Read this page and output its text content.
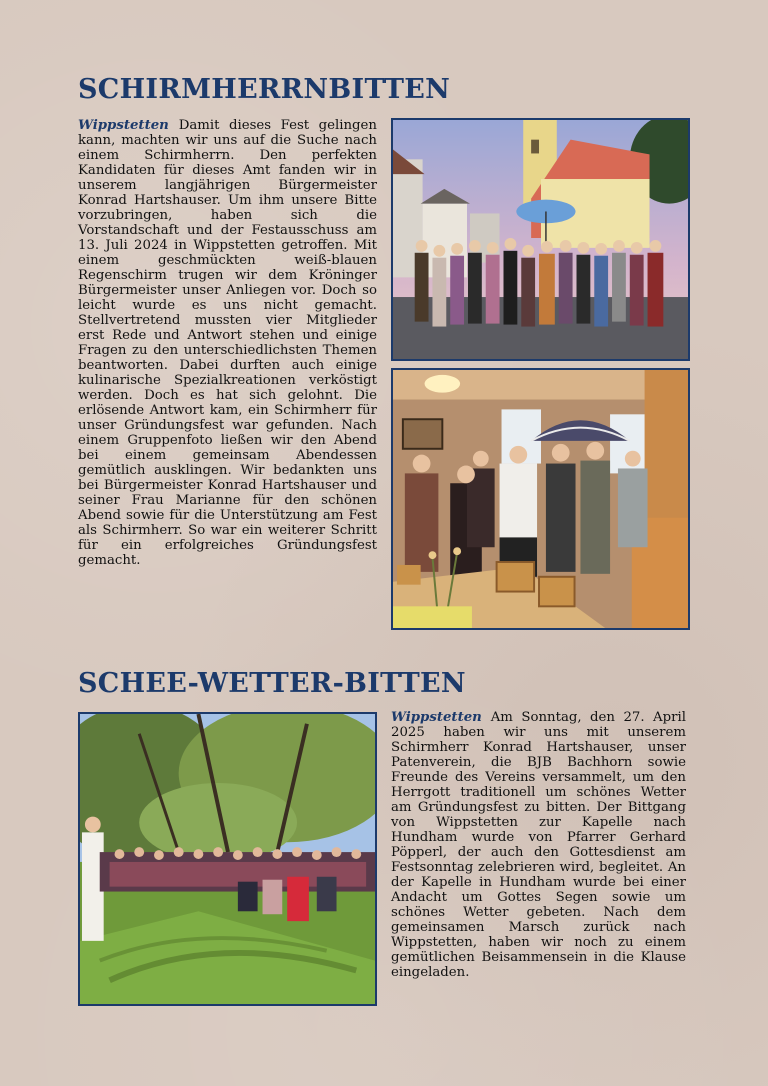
SCHIRMHERRNBITTEN
Wippstetten Damit dieses Fest gelingen kann, machten wir uns auf die Suche nach einem Schirmherrn. Den perfekten Kandidaten für dieses Amt fanden wir in unserem langjährigen Bürgermeister Konrad Hartshauser. Um ihm unsere Bitte vorzubringen, haben sich die Vorstandschaft und der Festausschuss am 13. Juli 2024 in Wippstetten getroffen. Mit einem geschmückten weiß-blauen Regenschirm trugen wir dem Kröninger Bürgermeister unser Anliegen vor. Doch so leicht wurde es uns nicht gemacht. Stellvertretend mussten vier Mitglieder erst Rede und Antwort stehen und einige Fragen zu den unterschiedlichsten Themen beantworten. Dabei durften auch einige kulinarische Spezialkreationen verköstigt werden. Doch es hat sich gelohnt. Die erlösende Antwort kam, ein Schirmherr für unser Gründungsfest war gefunden. Nach einem Gruppenfoto ließen wir den Abend bei einem gemeinsam Abendessen gemütlich ausklingen. Wir bedankten uns bei Bürgermeister Konrad Hartshauser und seiner Frau Marianne für den schönen Abend sowie für die Unterstützung am Fest als Schirmherr. So war ein weiterer Schritt für ein erfolgreiches Gründungsfest gemacht.
SCHEE-WETTER-BITTEN
Wippstetten Am Sonntag, den 27. April 2025 haben wir uns mit unserem Schirmherr Konrad Hartshauser, unser Patenverein, die BJB Bachhorn sowie Freunde des Vereins versammelt, um den Herrgott traditionell um schönes Wetter am Gründungsfest zu bitten. Der Bittgang von Wippstetten zur Kapelle nach Hundham wurde von Pfarrer Gerhard Pöpperl, der auch den Gottesdienst am Festsonntag zelebrieren wird, begleitet. An der Kapelle in Hundham wurde bei einer Andacht um Gottes Segen sowie um schönes Wetter gebeten. Nach dem gemeinsamen Marsch zurück nach Wippstetten, haben wir noch zu einem gemütlichen Beisammensein in die Klause eingeladen.
